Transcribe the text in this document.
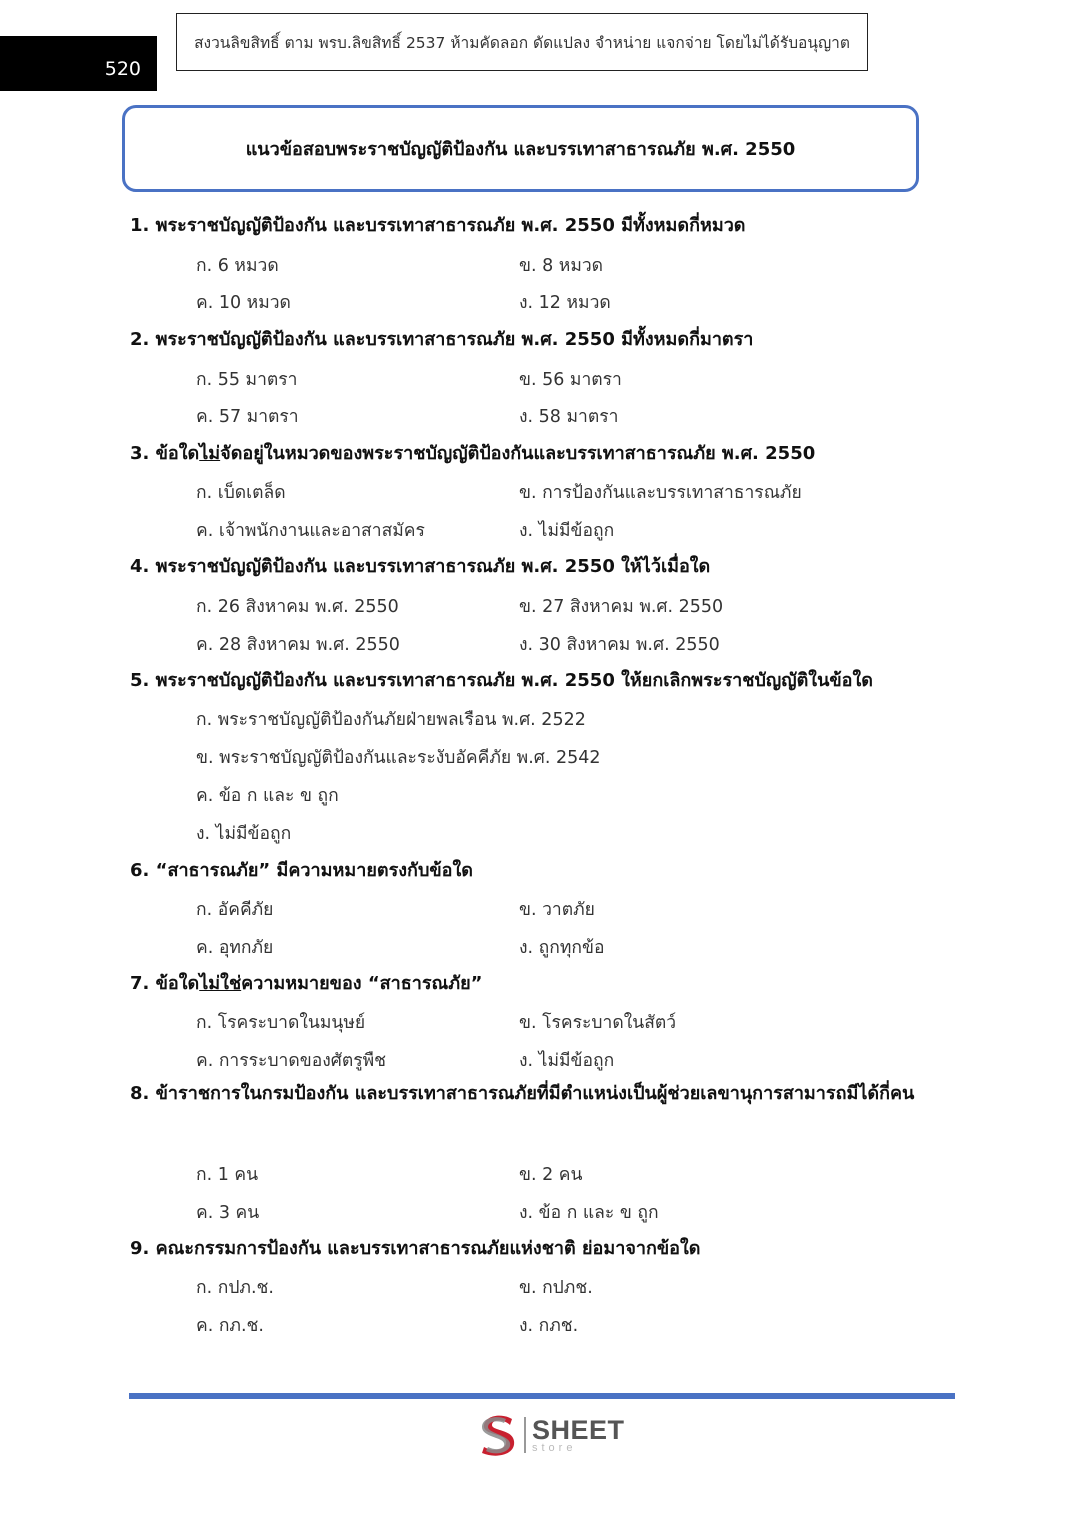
520
สงวนลิขสิทธิ์ ตาม พรบ.ลิขสิทธิ์ 2537 ห้ามคัดลอก ดัดแปลง จำหน่าย แจกจ่าย โดยไม่ได้รับอนุญาต
แนวข้อสอบพระราชบัญญัติป้องกัน และบรรเทาสาธารณภัย พ.ศ. 2550
1. พระราชบัญญัติป้องกัน และบรรเทาสาธารณภัย พ.ศ. 2550 มีทั้งหมดกี่หมวด
ก. 6 หมวด	ข. 8 หมวด
ค. 10 หมวด	ง. 12 หมวด
2. พระราชบัญญัติป้องกัน และบรรเทาสาธารณภัย พ.ศ. 2550 มีทั้งหมดกี่มาตรา
ก. 55 มาตรา	ข. 56 มาตรา
ค. 57 มาตรา	ง. 58 มาตรา
3. ข้อใดไม่จัดอยู่ในหมวดของพระราชบัญญัติป้องกันและบรรเทาสาธารณภัย พ.ศ. 2550
ก. เบ็ดเตล็ด	ข. การป้องกันและบรรเทาสาธารณภัย
ค. เจ้าพนักงานและอาสาสมัคร	ง. ไม่มีข้อถูก
4. พระราชบัญญัติป้องกัน และบรรเทาสาธารณภัย พ.ศ. 2550 ให้ไว้เมื่อใด
ก. 26 สิงหาคม พ.ศ. 2550	ข. 27 สิงหาคม พ.ศ. 2550
ค. 28 สิงหาคม พ.ศ. 2550	ง. 30 สิงหาคม พ.ศ. 2550
5. พระราชบัญญัติป้องกัน และบรรเทาสาธารณภัย พ.ศ. 2550 ให้ยกเลิกพระราชบัญญัติในข้อใด
ก. พระราชบัญญัติป้องกันภัยฝ่ายพลเรือน พ.ศ. 2522
ข. พระราชบัญญัติป้องกันและระงับอัคคีภัย พ.ศ. 2542
ค. ข้อ ก และ ข ถูก
ง. ไม่มีข้อถูก
6. “สาธารณภัย” มีความหมายตรงกับข้อใด
ก. อัคคีภัย	ข. วาตภัย
ค. อุทกภัย	ง. ถูกทุกข้อ
7. ข้อใดไม่ใช่ความหมายของ “สาธารณภัย”
ก. โรคระบาดในมนุษย์	ข. โรคระบาดในสัตว์
ค. การระบาดของศัตรูพืช	ง. ไม่มีข้อถูก
8. ข้าราชการในกรมป้องกัน และบรรเทาสาธารณภัยที่มีตำแหน่งเป็นผู้ช่วยเลขานุการสามารถมีได้กี่คน
ก. 1 คน	ข. 2 คน
ค. 3 คน	ง. ข้อ ก และ ข ถูก
9. คณะกรรมการป้องกัน และบรรเทาสาธารณภัยแห่งชาติ ย่อมาจากข้อใด
ก. กปภ.ช.	ข. กปภช.
ค. กภ.ช.	ง. กภช.
SHEET
store
